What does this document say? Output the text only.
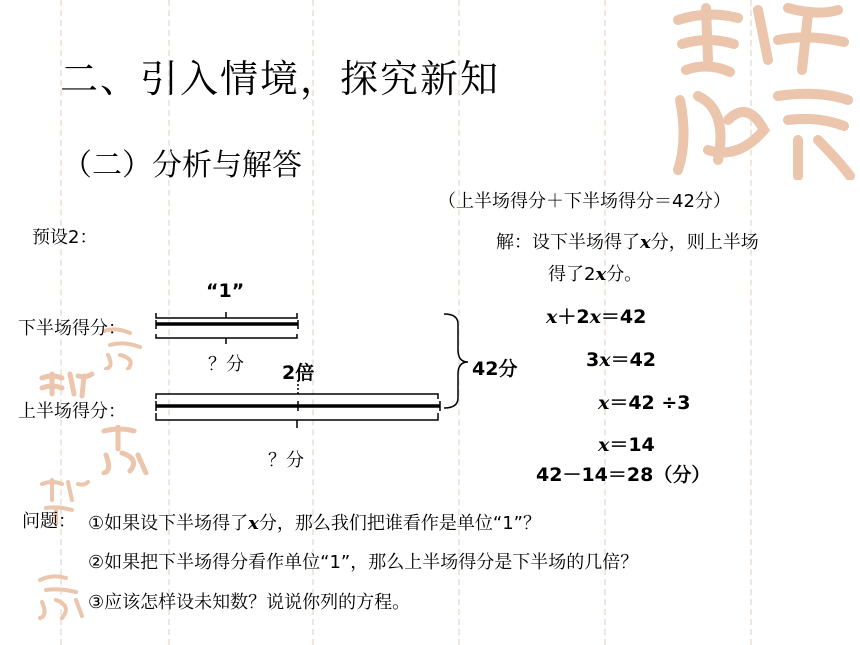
二、引入情境，探究新知
（二）分析与解答
（上半场得分＋下半场得分＝42分）
预设2：
“1”
下半场得分：
？分 2倍
上半场得分：
？分
42分
解：设下半场得了x分，则上半场
得了2x分。
x＋2x＝42
3x＝42
x＝42 ÷3
x＝14
42－14＝28（分）
问题： ①如果设下半场得了x分，那么我们把谁看作是单位“1”？
②如果把下半场得分看作单位“1”，那么上半场得分是下半场的几倍？
③应该怎样设未知数？说说你列的方程。
